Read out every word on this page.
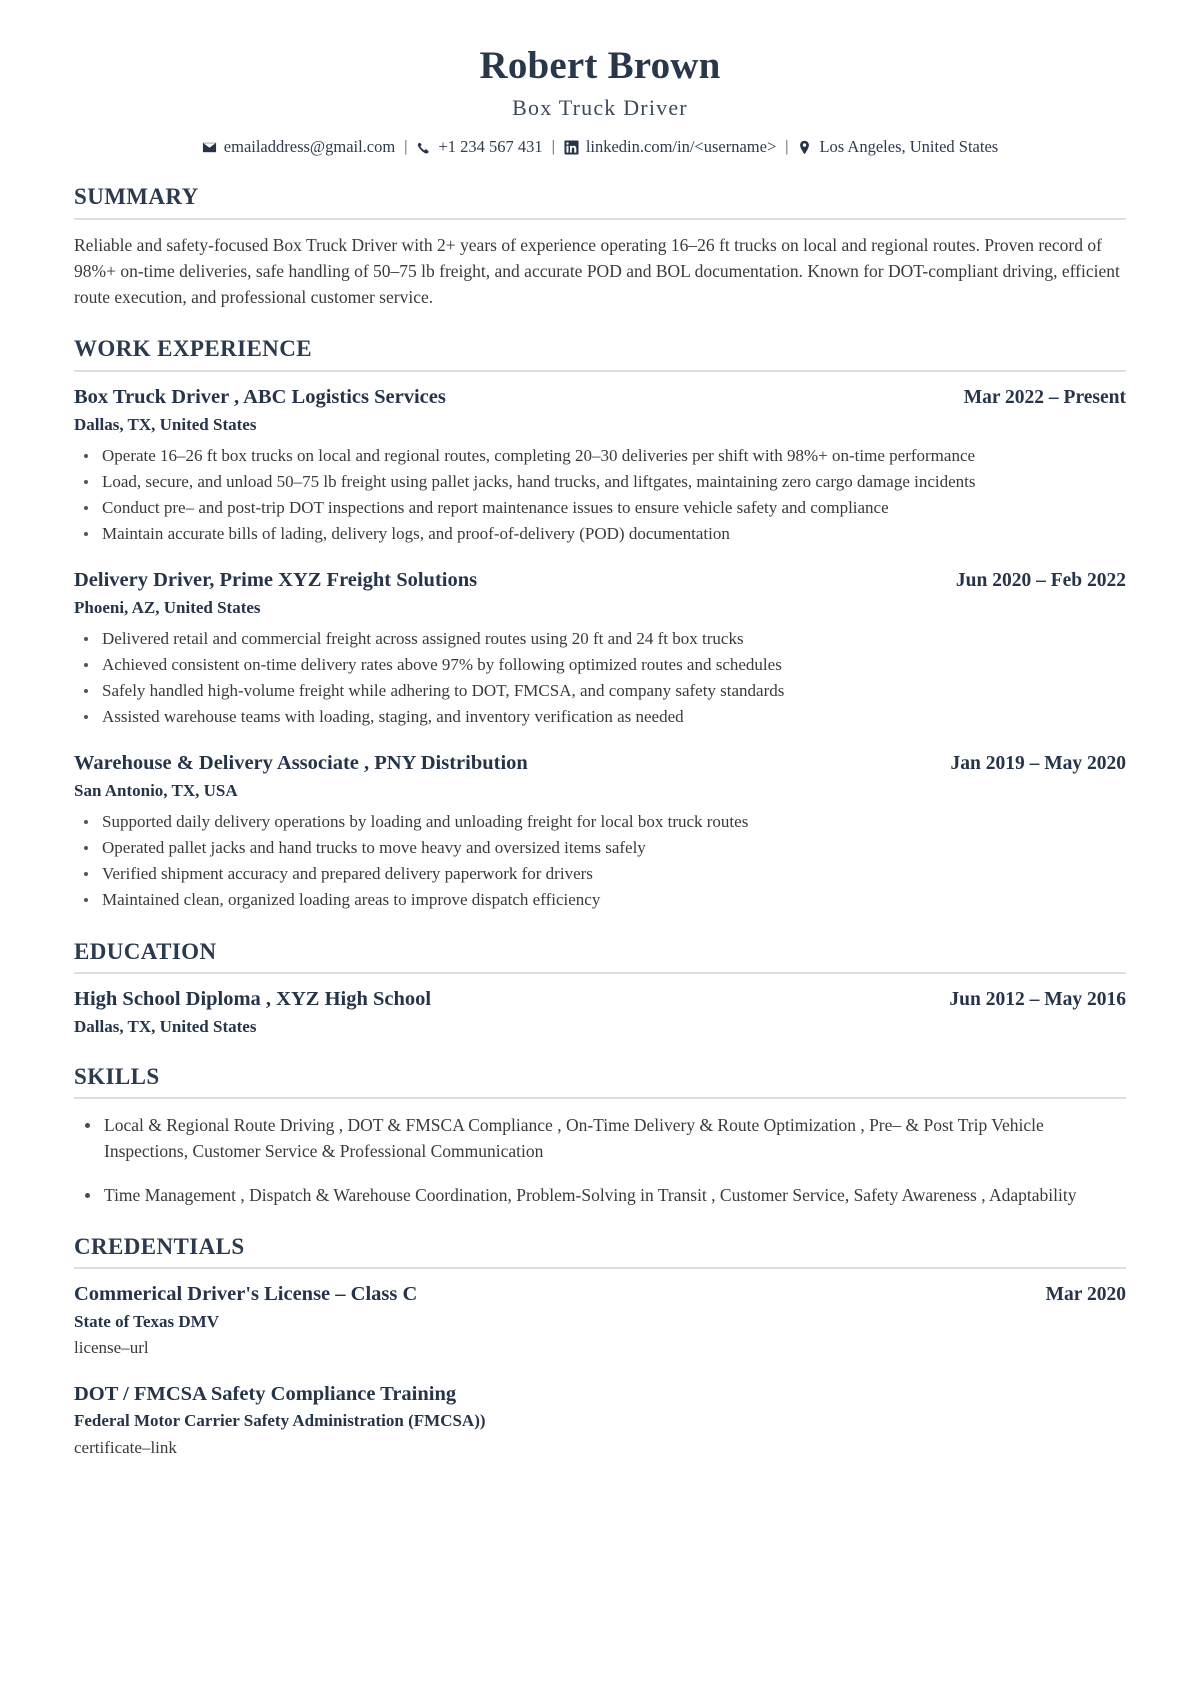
Robert Brown
Box Truck Driver
emailaddress@gmail.com |	+1 234 567 431 |	linkedin.com/in/<username> |	Los Angeles, United States
SUMMARY

Reliable and safety-focused Box Truck Driver with 2+ years of experience operating 16–26 ft trucks on local and regional routes. Proven record of 98%+ on-time deliveries, safe handling of 50–75 lb freight, and accurate POD and BOL documentation. Known for DOT-compliant driving, efficient route execution, and professional customer service.

WORK EXPERIENCE
Box Truck Driver , ABC Logistics Services	Mar 2022 – Present
Dallas, TX, United States
Operate 16–26 ft box trucks on local and regional routes, completing 20–30 deliveries per shift with 98%+ on-time performance
Load, secure, and unload 50–75 lb freight using pallet jacks, hand trucks, and liftgates, maintaining zero cargo damage incidents
Conduct pre– and post-trip DOT inspections and report maintenance issues to ensure vehicle safety and compliance
Maintain accurate bills of lading, delivery logs, and proof-of-delivery (POD) documentation
Delivery Driver, Prime XYZ Freight Solutions	Jun 2020 – Feb 2022
Phoeni, AZ, United States
Delivered retail and commercial freight across assigned routes using 20 ft and 24 ft box trucks
Achieved consistent on-time delivery rates above 97% by following optimized routes and schedules
Safely handled high-volume freight while adhering to DOT, FMCSA, and company safety standards
Assisted warehouse teams with loading, staging, and inventory verification as needed
Warehouse & Delivery Associate , PNY Distribution	Jan 2019 – May 2020
San Antonio, TX, USA
Supported daily delivery operations by loading and unloading freight for local box truck routes
Operated pallet jacks and hand trucks to move heavy and oversized items safely
Verified shipment accuracy and prepared delivery paperwork for drivers
Maintained clean, organized loading areas to improve dispatch efficiency
EDUCATION
High School Diploma , XYZ High School	Jun 2012 – May 2016
Dallas, TX, United States
SKILLS
Local & Regional Route Driving , DOT & FMSCA Compliance , On-Time Delivery & Route Optimization , Pre– & Post Trip Vehicle Inspections, Customer Service & Professional Communication
Time Management , Dispatch & Warehouse Coordination, Problem-Solving in Transit , Customer Service, Safety Awareness , Adaptability
CREDENTIALS
Commerical Driver's License – Class C	Mar 2020
State of Texas DMV
license–url
DOT / FMCSA Safety Compliance Training
Federal Motor Carrier Safety Administration (FMCSA))
certificate–link
